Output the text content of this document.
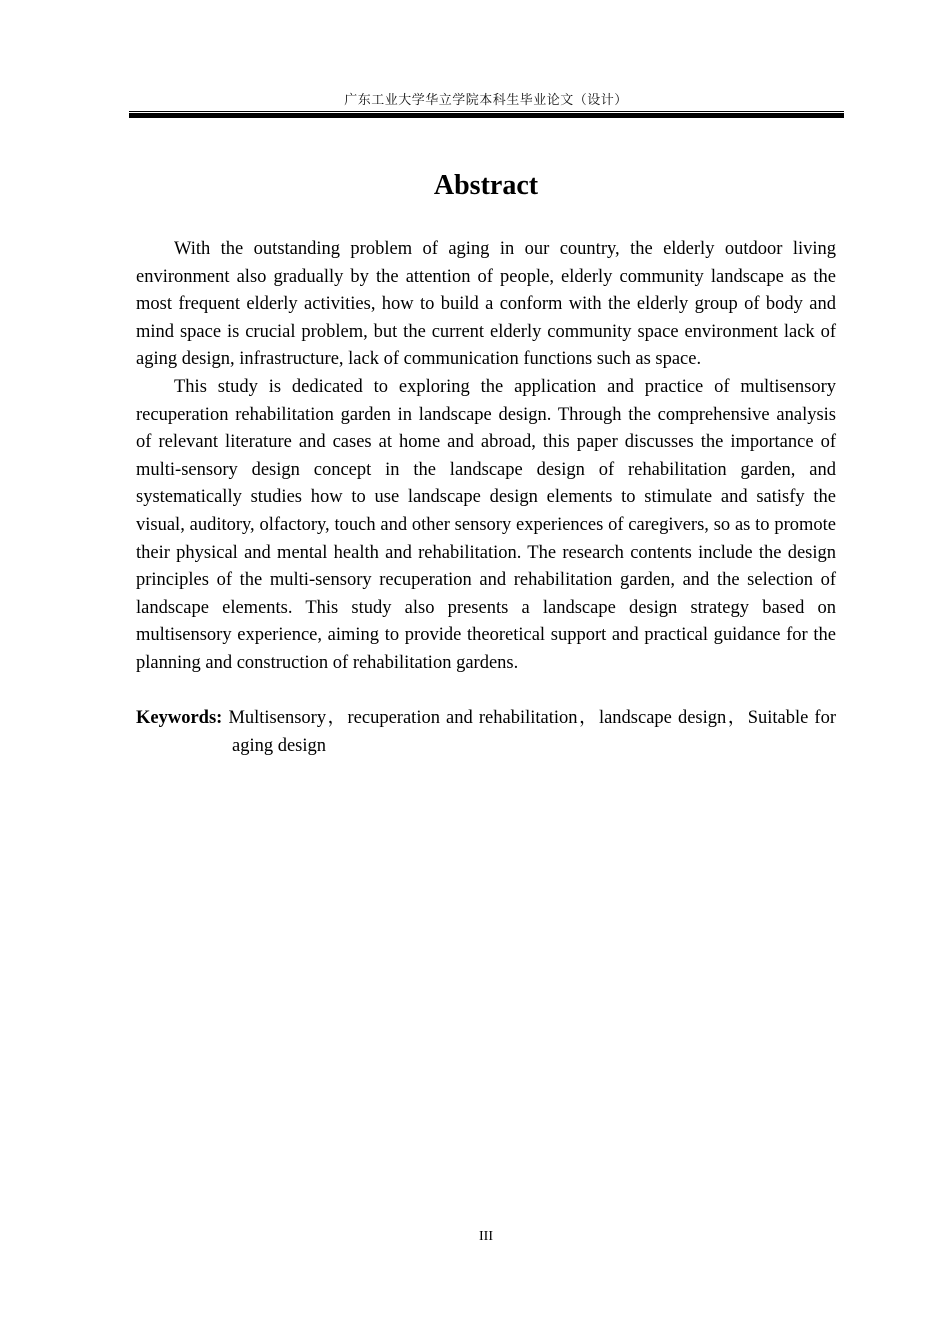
广东工业大学华立学院本科生毕业论文（设计）
Abstract

With the outstanding problem of aging in our country, the elderly outdoor living environment also gradually by the attention of people, elderly community landscape as the most frequent elderly activities, how to build a conform with the elderly group of body and mind space is crucial problem, but the current elderly community space environment lack of aging design, infrastructure, lack of communication functions such as space.

This study is dedicated to exploring the application and practice of multisensory recuperation rehabilitation garden in landscape design. Through the comprehensive analysis of relevant literature and cases at home and abroad, this paper discusses the importance of multi-sensory design concept in the landscape design of rehabilitation garden, and systematically studies how to use landscape design elements to stimulate and satisfy the visual, auditory, olfactory, touch and other sensory experiences of caregivers, so as to promote their physical and mental health and rehabilitation. The research contents include the design principles of the multi-sensory recuperation and rehabilitation garden, and the selection of landscape elements. This study also presents a landscape design strategy based on multisensory experience, aiming to provide theoretical support and practical guidance for the planning and construction of rehabilitation gardens.

Keywords: Multisensory，recuperation and rehabilitation，landscape design，Suitable for aging design
III
